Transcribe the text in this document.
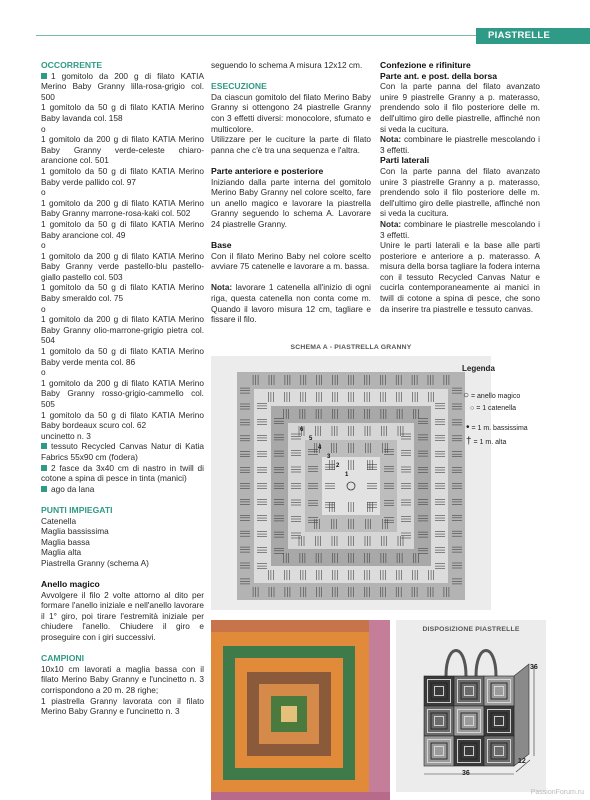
PIASTRELLE

OCCORRENTE

1 gomitolo da 200 g di filato KATIA Merino Baby Granny lilla-rosa-grigio col. 500

1 gomitolo da 50 g di filato KATIA Merino Baby lavanda col. 158

o

1 gomitolo da 200 g di filato KATIA Merino Baby Granny verde-celeste chiaro-arancione col. 501

1 gomitolo da 50 g di filato KATIA Merino Baby verde pallido col. 97

o

1 gomitolo da 200 g di filato KATIA Merino Baby Granny marrone-rosa-kaki col. 502

1 gomitolo da 50 g di filato KATIA Merino Baby arancione col. 49

o

1 gomitolo da 200 g di filato KATIA Merino Baby Granny verde pastello-blu pastello-giallo pastello col. 503

1 gomitolo da 50 g di filato KATIA Merino Baby smeraldo col. 75

o

1 gomitolo da 200 g di filato KATIA Merino Baby Granny olio-marrone-grigio pietra col. 504

1 gomitolo da 50 g di filato KATIA Merino Baby verde menta col. 86

o

1 gomitolo da 200 g di filato KATIA Merino Baby Granny rosso-grigio-cammello col. 505

1 gomitolo da 50 g di filato KATIA Merino Baby bordeaux scuro col. 62

uncinetto n. 3

tessuto Recycled Canvas Natur di Katia Fabrics 55x90 cm (fodera)

2 fasce da 3x40 cm di nastro in twill di cotone a spina di pesce in tinta (manici)

ago da lana

PUNTI IMPIEGATI

Catenella

Maglia bassissima

Maglia bassa

Maglia alta

Piastrella Granny (schema A)

Anello magico

Avvolgere il filo 2 volte attorno al dito per formare l'anello iniziale e nell'anello lavorare il 1° giro, poi tirare l'estremità iniziale per chiudere l'anello. Chiudere il giro e proseguire con i giri successivi.

CAMPIONI

10x10 cm lavorati a maglia bassa con il filato Merino Baby Granny e l'uncinetto n. 3 corrispondono a 20 m. 28 righe;

1 piastrella Granny lavorata con il filato Merino Baby Granny e l'uncinetto n. 3

seguendo lo schema A misura 12x12 cm.

ESECUZIONE

Da ciascun gomitolo del filato Merino Baby Granny si ottengono 24 piastrelle Granny con 3 effetti diversi: monocolore, sfumato e multicolore.

Utilizzare per le cuciture la parte di filato panna che c'è tra una sequenza e l'altra.

Parte anteriore e posteriore

Iniziando dalla parte interna del gomitolo Merino Baby Granny nel colore scelto, fare un anello magico e lavorare la piastrella Granny seguendo lo schema A. Lavorare 24 piastrelle Granny.

Base

Con il filato Merino Baby nel colore scelto avviare 75 catenelle e lavorare a m. bassa.

Nota: lavorare 1 catenella all'inizio di ogni riga, questa catenella non conta come m. Quando il lavoro misura 12 cm, tagliare e fissare il filo.

Confezione e rifiniture

Parte ant. e post. della borsa

Con la parte panna del filato avanzato unire 9 piastrelle Granny a p. materasso, prendendo solo il filo posteriore delle m. dell'ultimo giro delle piastrelle, affinché non si veda la cucitura.

Nota: combinare le piastrelle mescolando i 3 effetti.

Parti laterali

Con la parte panna del filato avanzato unire 3 piastrelle Granny a p. materasso, prendendo solo il filo posteriore delle m. dell'ultimo giro delle piastrelle, affinché non si veda la cucitura.

Nota: combinare le piastrelle mescolando i 3 effetti.

Unire le parti laterali e la base alle parti posteriore e anteriore a p. materasso. A misura della borsa tagliare la fodera interna con il tessuto Recycled Canvas Natur e cucirla contemporaneamente ai manici in twill di cotone a spina di pesce, che sono da inserire tra piastrelle e tessuto canvas.

SCHEMA A - PIASTRELLA GRANNY
1
2
3
4
5
6
Legenda
○ = anello magico
○ = 1 catenella
• = 1 m. bassissima
† = 1 m. alta
DISPOSIZIONE PIASTRELLE
36
36
12
PassionForum.ru
